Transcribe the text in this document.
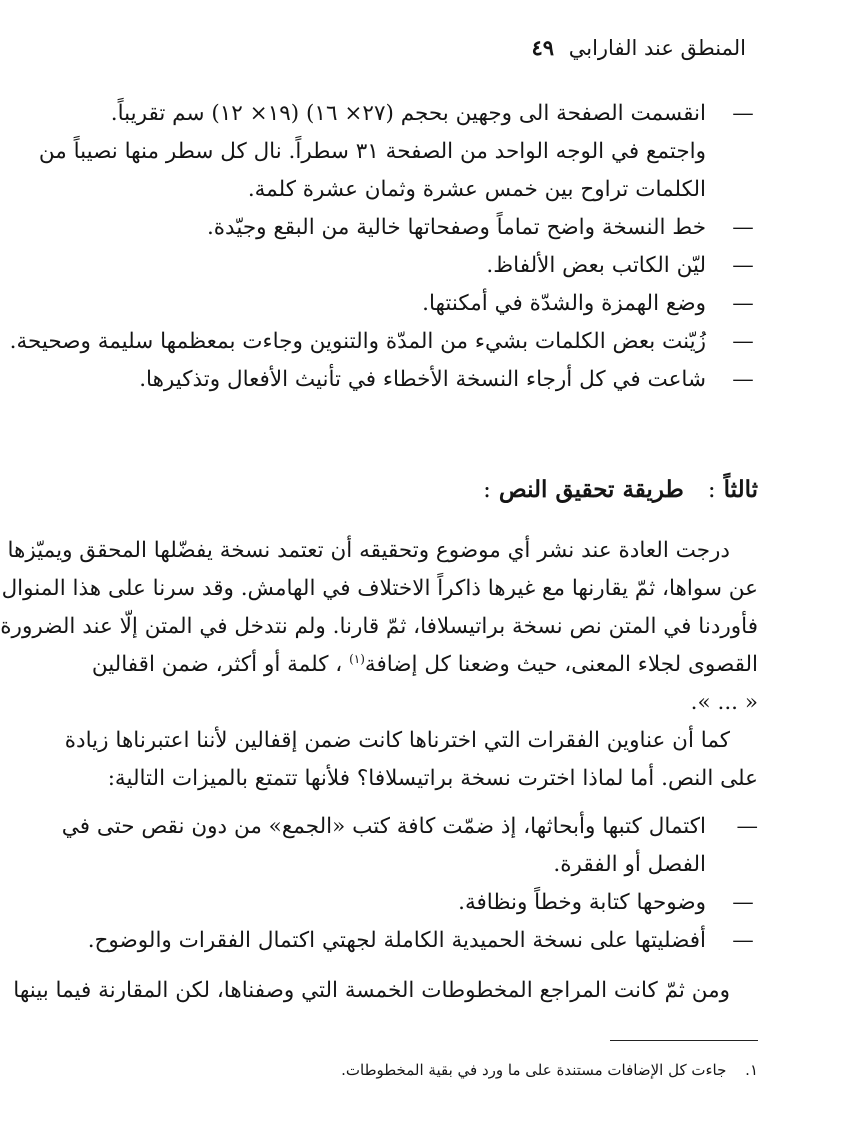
المنطق عند الفارابي
٤٩
—
انقسمت الصفحة الى وجهين بحجم (٢٧× ١٦) (١٩× ١٢) سم تقريباً.
واجتمع في الوجه الواحد من الصفحة ٣١ سطراً. نال كل سطر منها نصيباً من
الكلمات تراوح بين خمس عشرة وثمان عشرة كلمة.
—
خط النسخة واضح تماماً وصفحاتها خالية من البقع وجيّدة.
—
ليّن الكاتب بعض الألفاظ.
—
وضع الهمزة والشدّة في أمكنتها.
—
زُيّنت بعض الكلمات بشيء من المدّة والتنوين وجاءت بمعظمها سليمة وصحيحة.
—
شاعت في كل أرجاء النسخة الأخطاء في تأنيث الأفعال وتذكيرها.
ثالثاً :   طريقة تحقيق النص :
درجت العادة عند نشر أي موضوع وتحقيقه أن تعتمد نسخة يفضّلها المحقق ويميّزها
عن سواها، ثمّ يقارنها مع غيرها ذاكراً الاختلاف في الهامش. وقد سرنا على هذا المنوال
فأوردنا في المتن نص نسخة براتيسلافا، ثمّ قارنا. ولم نتدخل في المتن إلّا عند الضرورة
القصوى لجلاء المعنى، حيث وضعنا كل إضافة$^{(١)}$ ، كلمة أو أكثر، ضمن اقفالين
« ... ».
كما أن عناوين الفقرات التي اخترناها كانت ضمن إقفالين لأننا اعتبرناها زيادة
على النص. أما لماذا اخترت نسخة براتيسلافا؟ فلأنها تتمتع بالميزات التالية:
—
اكتمال كتبها وأبحاثها، إذ ضمّت كافة كتب «الجمع» من دون نقص حتى في
الفصل أو الفقرة.
—
وضوحها كتابة وخطاً ونظافة.
—
أفضليتها على نسخة الحميدية الكاملة لجهتي اكتمال الفقرات والوضوح.
ومن ثمّ كانت المراجع المخطوطات الخمسة التي وصفناها، لكن المقارنة فيما بينها
١. جاءت كل الإضافات مستندة على ما ورد في بقية المخطوطات.
